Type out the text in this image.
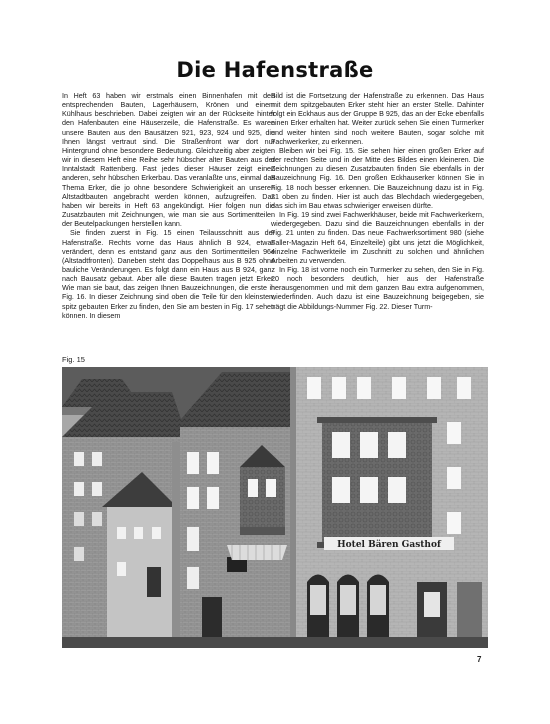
Die Hafenstraße

In Heft 63 haben wir erstmals einen Binnenhafen mit den entsprechenden Bauten, Lagerhäusern, Krönen und einem Kühlhaus beschrieben. Dabei zeigten wir an der Rückseite hinter den Hafenbauten eine Häuserzeile, die Hafenstraße. Es waren unsere Bauten aus den Bausätzen 921, 923, 924 und 925, die Ihnen längst vertraut sind. Die Straßenfront war dort nur Hintergrund ohne besondere Bedeutung. Gleichzeitig aber zeigten wir in diesem Heft eine Reihe sehr hübscher alter Bauten aus der Inntalstadt Rattenberg. Fast jedes dieser Häuser zeigt einen anderen, sehr hübschen Erkerbau. Das veranlaßte uns, einmal das Thema Erker, die jo ohne besondere Schwierigkeit an unseren Altstadtbauten angebracht werden können, aufzugreifen. Das haben wir bereits in Heft 63 angekündigt. Hier folgen nun die Zusatzbauten mit Zeichnungen, wie man sie aus Sortimentteilen der Beutelpackungen herstellen kann.

Sie finden zuerst in Fig. 15 einen Teilausschnitt aus der Hafenstraße. Rechts vorne das Haus ähnlich B 924, etwas verändert, denn es entstand ganz aus den Sortimentteilen 964 (Altstadtfronten). Daneben steht das Doppelhaus aus B 925 ohne bauliche Veränderungen. Es folgt dann ein Haus aus B 924, ganz nach Bausatz gebaut. Aber alle diese Bauten tragen jetzt Erker. Wie man sie baut, das zeigen Ihnen Bauzeichnungen, die erste in Fig. 16. In dieser Zeichnung sind oben die Teile für den kleinsten, spitz gebauten Erker zu finden, den Sie am besten in Fig. 17 sehen können. In diesem

Bild ist die Fortsetzung der Hafenstraße zu erkennen. Das Haus mit dem spitzgebauten Erker steht hier an erster Stelle. Dahinter folgt ein Eckhaus aus der Gruppe B 925, das an der Ecke ebenfalls einen Erker erhalten hat. Weiter zurück sehen Sie einen Turmerker und weiter hinten sind noch weitere Bauten, sogar solche mit Fachwerkerker, zu erkennen.

Bleiben wir bei Fig. 15. Sie sehen hier einen großen Erker auf der rechten Seite und in der Mitte des Bildes einen kleineren. Die Zeichnungen zu diesen Zusatzbauten finden Sie ebenfalls in der Bauzeichnung Fig. 16. Den großen Eckhauserker können Sie in Fig. 18 noch besser erkennen. Die Bauzeichnung dazu ist in Fig. 21 oben zu finden. Hier ist auch das Blechdach wiedergegeben, das sich im Bau etwas schwieriger erweisen dürfte.

In Fig. 19 sind zwei Fachwerkhäuser, beide mit Fachwerkerkern, wiedergegeben. Dazu sind die Bauzeichnungen ebenfalls in der Fig. 21 unten zu finden. Das neue Fachwerksortiment 980 (siehe Faller-Magazin Heft 64, Einzelteile) gibt uns jetzt die Möglichkeit, einzelne Fachwerkteile im Zuschnitt zu solchen und ähnlichen Arbeiten zu verwenden.

In Fig. 18 ist vorne noch ein Turmerker zu sehen, den Sie in Fig. 20 noch besonders deutlich, hier aus der Hafenstraße herausgenommen und mit dem ganzen Bau extra aufgenommen, wiederfinden. Auch dazu ist eine Bauzeichnung beigegeben, sie trägt die Abbildungs-Nummer Fig. 22. Dieser Turm-

Fig. 15
Hotel Bären Gasthof
7
